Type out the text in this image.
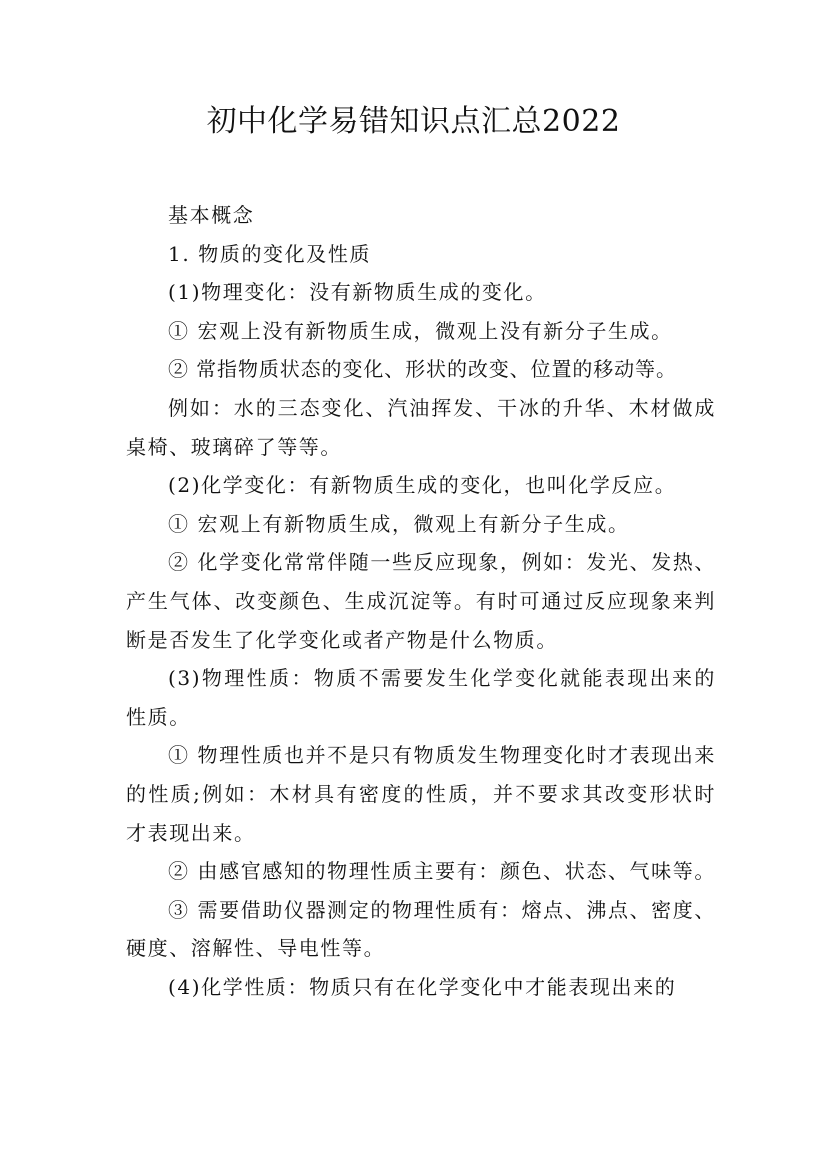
初中化学易错知识点汇总2022

基本概念

1. 物质的变化及性质

(1)物理变化：没有新物质生成的变化。

① 宏观上没有新物质生成，微观上没有新分子生成。

② 常指物质状态的变化、形状的改变、位置的移动等。

例如：水的三态变化、汽油挥发、干冰的升华、木材做成桌椅、玻璃碎了等等。

(2)化学变化：有新物质生成的变化，也叫化学反应。

① 宏观上有新物质生成，微观上有新分子生成。

② 化学变化常常伴随一些反应现象，例如：发光、发热、产生气体、改变颜色、生成沉淀等。有时可通过反应现象来判断是否发生了化学变化或者产物是什么物质。

(3)物理性质：物质不需要发生化学变化就能表现出来的性质。

① 物理性质也并不是只有物质发生物理变化时才表现出来的性质;例如：木材具有密度的性质，并不要求其改变形状时才表现出来。

② 由感官感知的物理性质主要有：颜色、状态、气味等。

③ 需要借助仪器测定的物理性质有：熔点、沸点、密度、硬度、溶解性、导电性等。

(4)化学性质：物质只有在化学变化中才能表现出来的
